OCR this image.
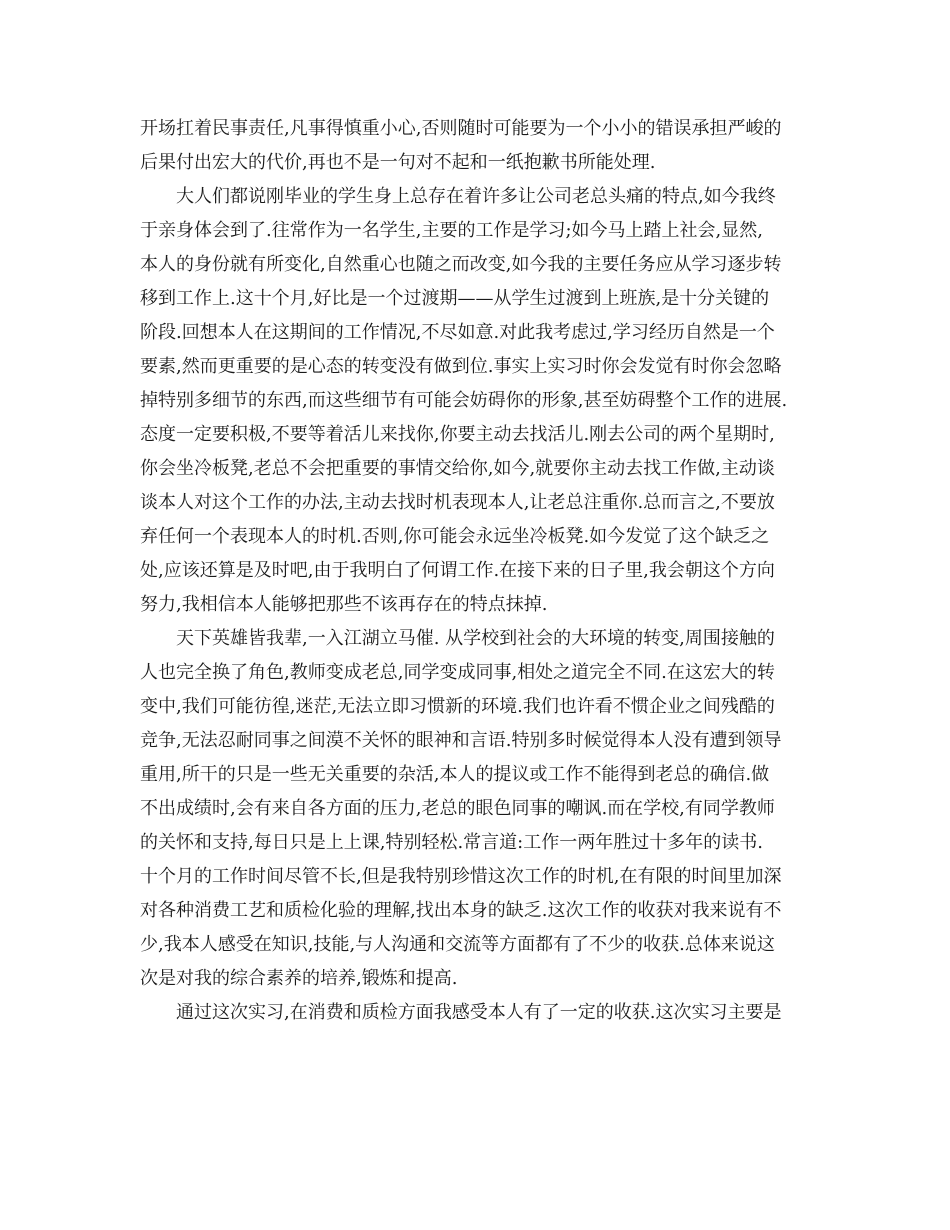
开场扛着民事责任,凡事得慎重小心,否则随时可能要为一个小小的错误承担严峻的
后果付出宏大的代价,再也不是一句对不起和一纸抱歉书所能处理.
大人们都说刚毕业的学生身上总存在着许多让公司老总头痛的特点,如今我终
于亲身体会到了.往常作为一名学生,主要的工作是学习;如今马上踏上社会,显然,
本人的身份就有所变化,自然重心也随之而改变,如今我的主要任务应从学习逐步转
移到工作上.这十个月,好比是一个过渡期——从学生过渡到上班族,是十分关键的
阶段.回想本人在这期间的工作情况,不尽如意.对此我考虑过,学习经历自然是一个
要素,然而更重要的是心态的转变没有做到位.事实上实习时你会发觉有时你会忽略
掉特别多细节的东西,而这些细节有可能会妨碍你的形象,甚至妨碍整个工作的进展.
态度一定要积极,不要等着活儿来找你,你要主动去找活儿.刚去公司的两个星期时,
你会坐冷板凳,老总不会把重要的事情交给你,如今,就要你主动去找工作做,主动谈
谈本人对这个工作的办法,主动去找时机表现本人,让老总注重你.总而言之,不要放
弃任何一个表现本人的时机.否则,你可能会永远坐冷板凳.如今发觉了这个缺乏之
处,应该还算是及时吧,由于我明白了何谓工作.在接下来的日子里,我会朝这个方向
努力,我相信本人能够把那些不该再存在的特点抹掉.
天下英雄皆我辈,一入江湖立马催. 从学校到社会的大环境的转变,周围接触的
人也完全换了角色,教师变成老总,同学变成同事,相处之道完全不同.在这宏大的转
变中,我们可能彷徨,迷茫,无法立即习惯新的环境.我们也许看不惯企业之间残酷的
竞争,无法忍耐同事之间漠不关怀的眼神和言语.特别多时候觉得本人没有遭到领导
重用,所干的只是一些无关重要的杂活,本人的提议或工作不能得到老总的确信.做
不出成绩时,会有来自各方面的压力,老总的眼色同事的嘲讽.而在学校,有同学教师
的关怀和支持,每日只是上上课,特别轻松.常言道:工作一两年胜过十多年的读书.
十个月的工作时间尽管不长,但是我特别珍惜这次工作的时机,在有限的时间里加深
对各种消费工艺和质检化验的理解,找出本身的缺乏.这次工作的收获对我来说有不
少,我本人感受在知识,技能,与人沟通和交流等方面都有了不少的收获.总体来说这
次是对我的综合素养的培养,锻炼和提高.
通过这次实习,在消费和质检方面我感受本人有了一定的收获.这次实习主要是
